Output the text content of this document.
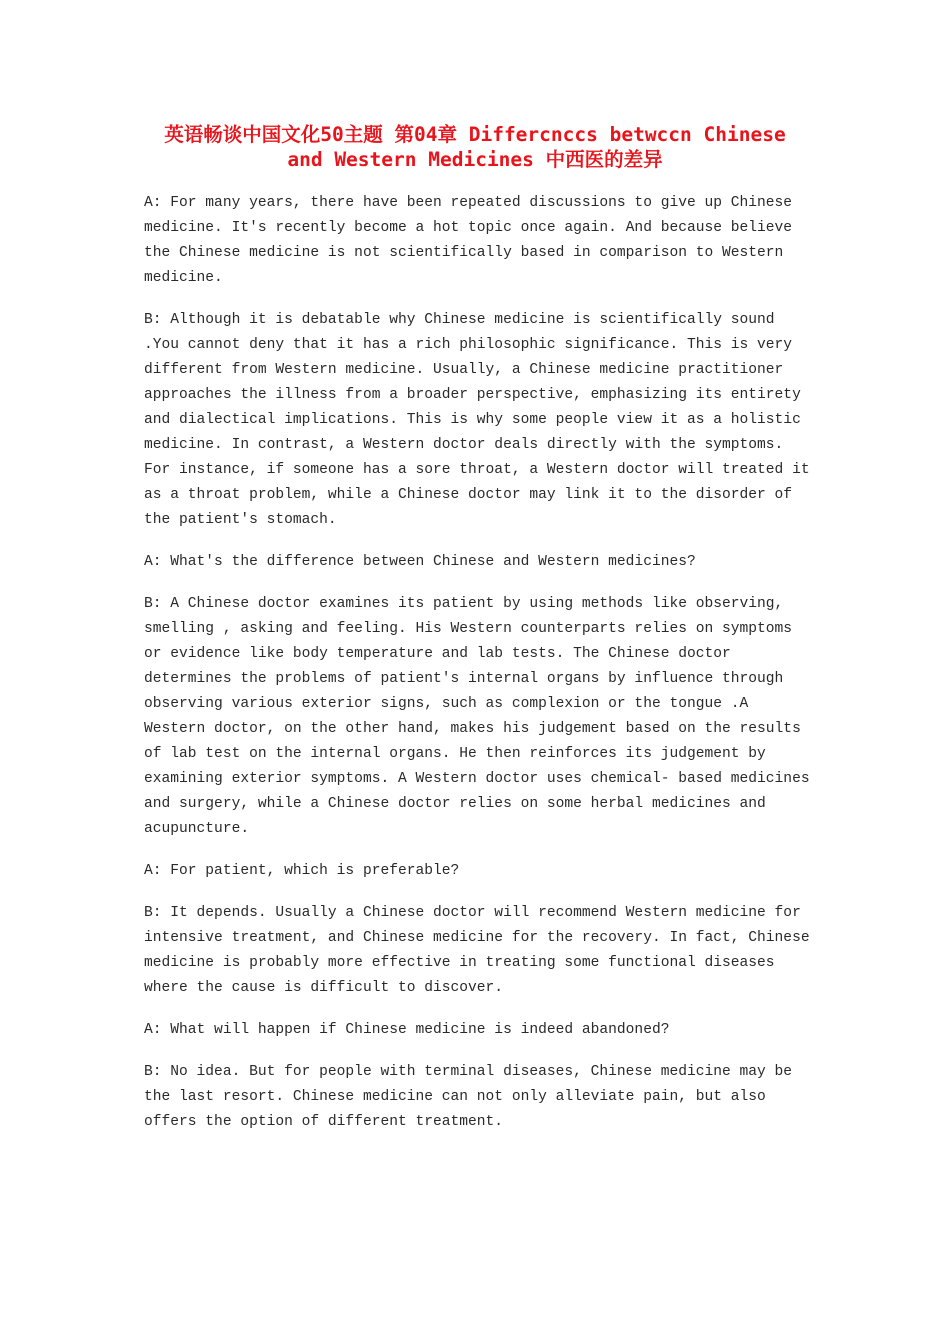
英语畅谈中国文化50主题 第04章 Differcnccs betwccn Chinese
and Western Medicines 中西医的差异

A: For many years, there have been repeated discussions to give up Chinese medicine. It's recently become a hot topic once again. And because believe the Chinese medicine is not scientifically based in comparison to Western medicine.

B: Although it is debatable why Chinese medicine is scientifically sound .You cannot deny that it has a rich philosophic significance. This is very different from Western medicine. Usually, a Chinese medicine practitioner approaches the illness from a broader perspective, emphasizing its entirety and dialectical implications. This is why some people view it as a holistic medicine. In contrast, a Western doctor deals directly with the symptoms. For instance, if someone has a sore throat, a Western doctor will treated it as a throat problem, while a Chinese doctor may link it to the disorder of the patient's stomach.

A: What's the difference between Chinese and Western medicines?

B: A Chinese doctor examines its patient by using methods like observing, smelling , asking and feeling. His Western counterparts relies on symptoms or evidence like body temperature and lab tests. The Chinese doctor determines the problems of patient's internal organs by influence through observing various exterior signs, such as complexion or the tongue .A Western doctor, on the other hand, makes his judgement based on the results of lab test on the internal organs. He then reinforces its judgement by examining exterior symptoms. A Western doctor uses chemical- based medicines and surgery, while a Chinese doctor relies on some herbal medicines and acupuncture.

A: For patient, which is preferable?

B: It depends. Usually a Chinese doctor will recommend Western medicine for intensive treatment, and Chinese medicine for the recovery. In fact, Chinese medicine is probably more effective in treating some functional diseases where the cause is difficult to discover.

A: What will happen if Chinese medicine is indeed abandoned?

B: No idea. But for people with terminal diseases, Chinese medicine may be the last resort. Chinese medicine can not only alleviate pain, but also offers the option of different treatment.
